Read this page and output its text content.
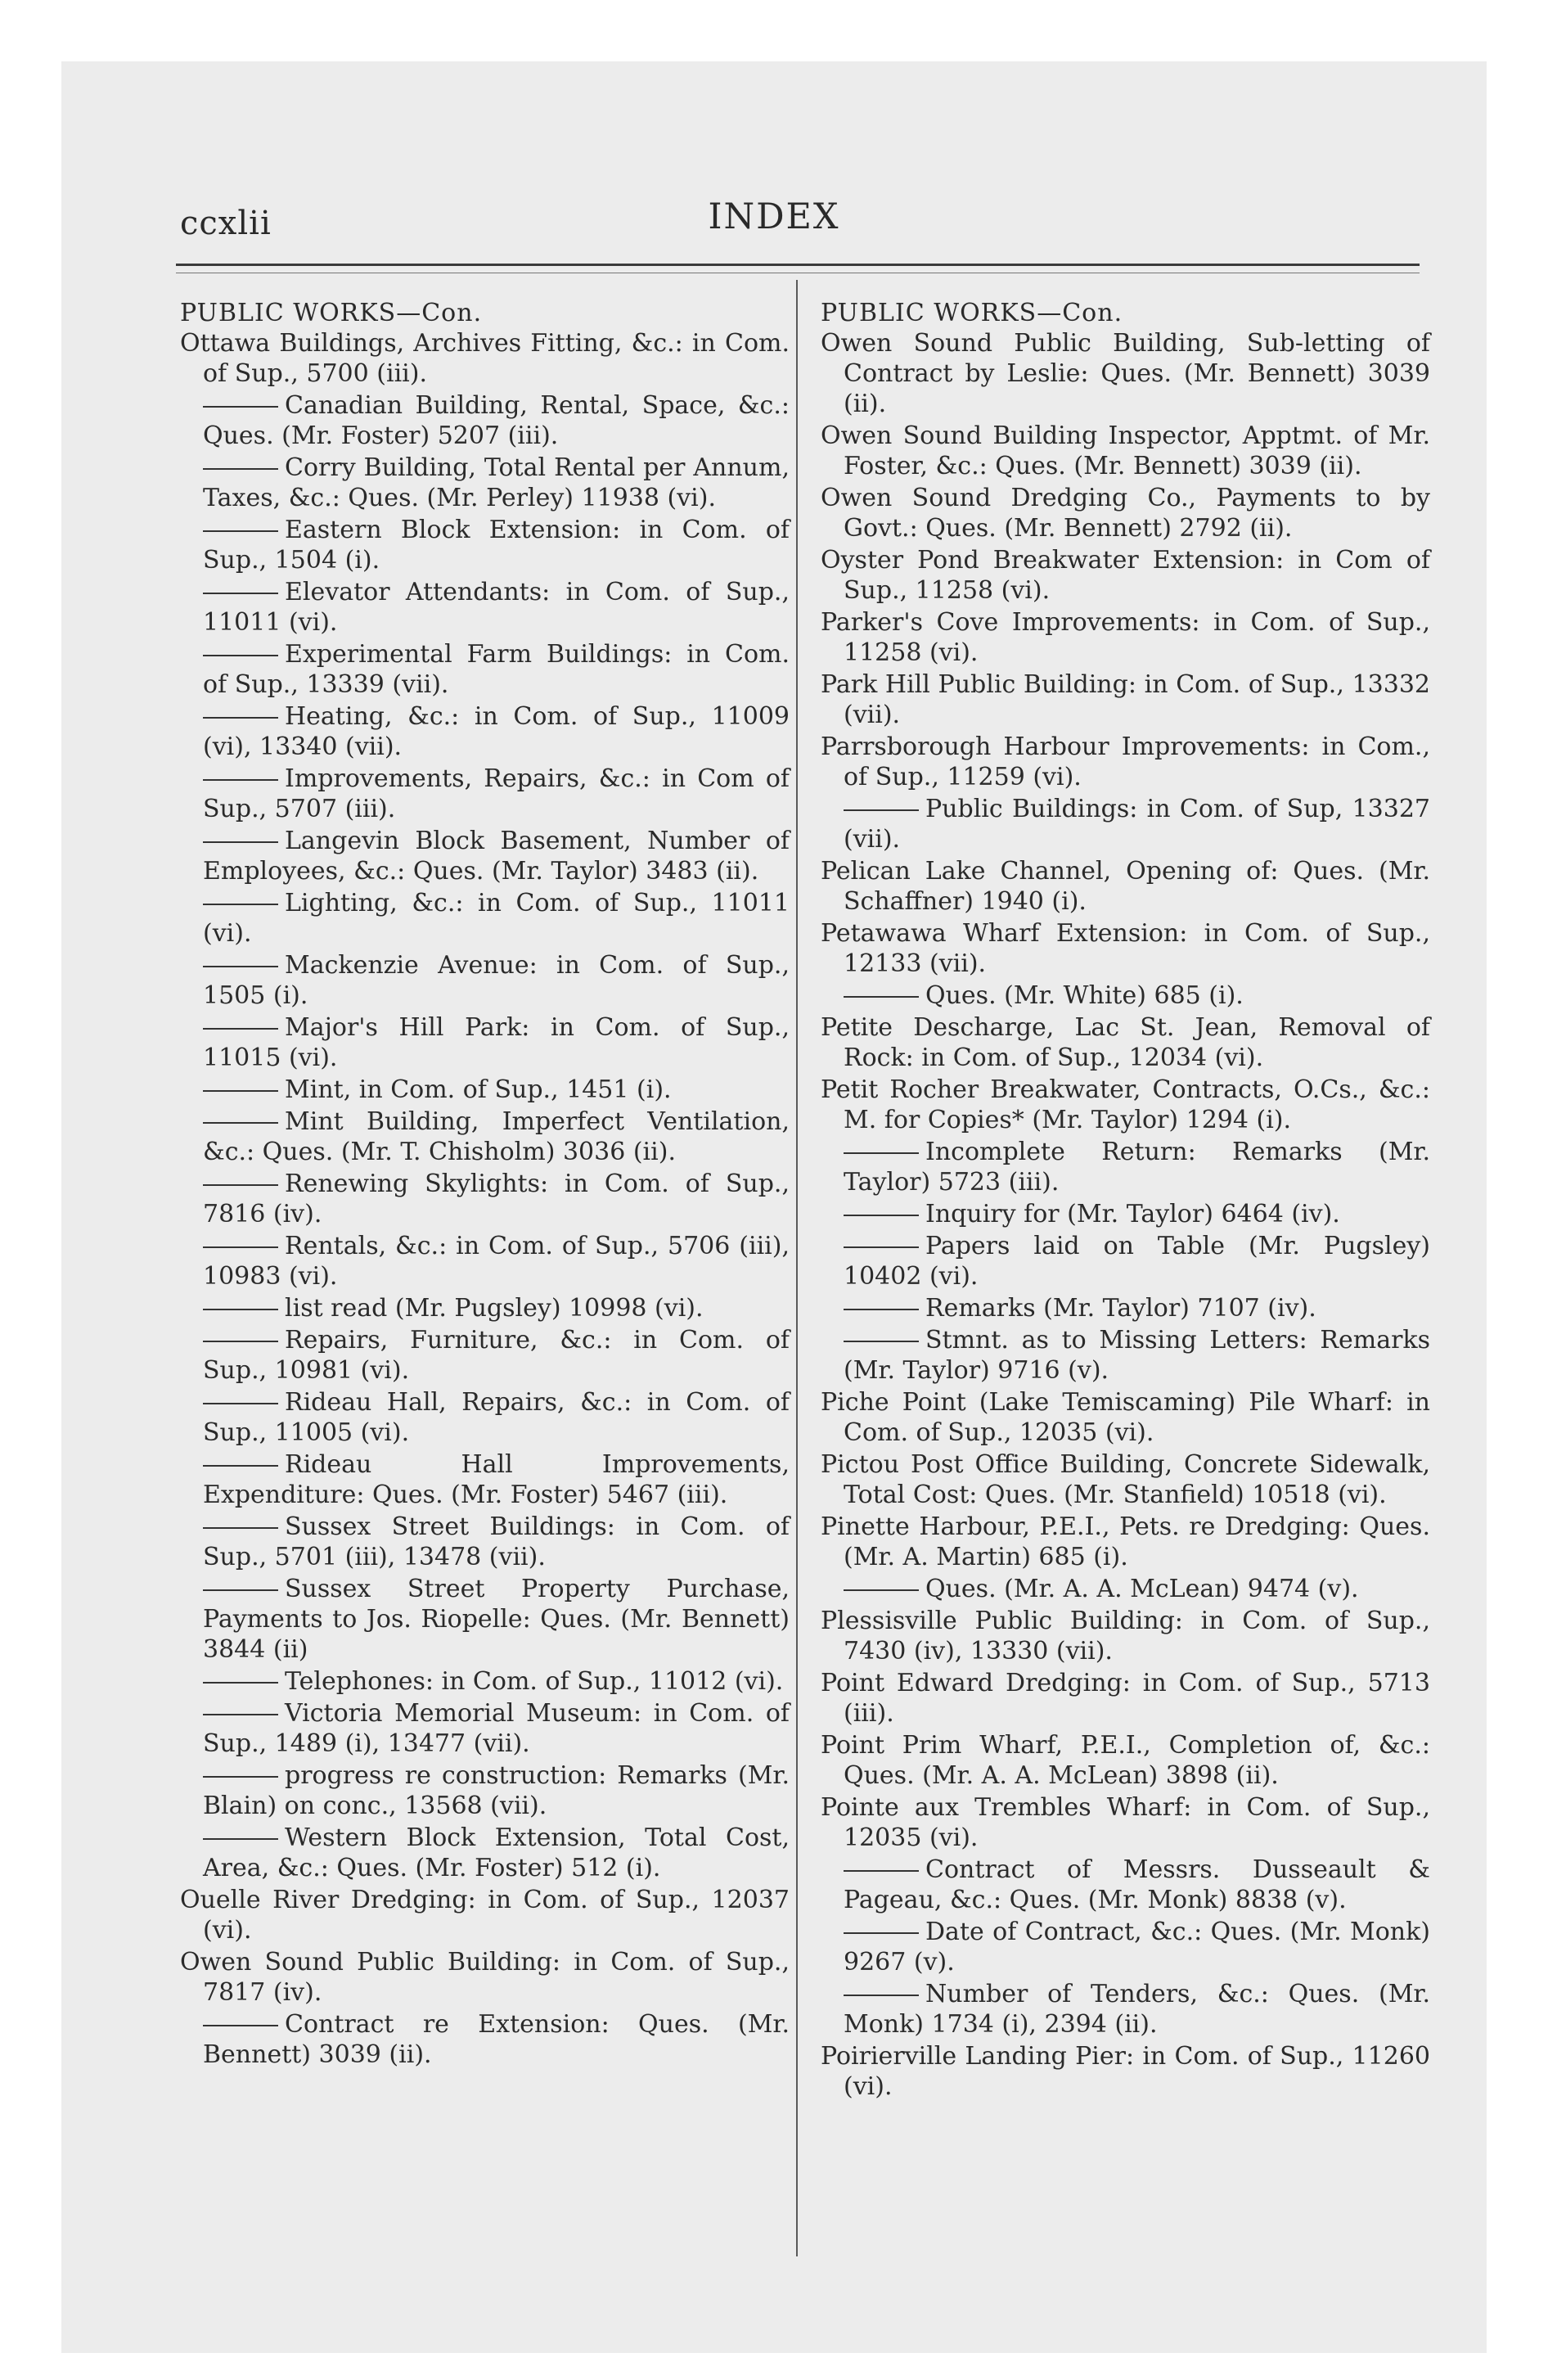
ccxlii	INDEX
PUBLIC WORKS—Con.

Ottawa Buildings, Archives Fitting, &c.: in Com. of Sup., 5700 (iii).

Canadian Building, Rental, Space, &c.: Ques. (Mr. Foster) 5207 (iii).

Corry Building, Total Rental per Annum, Taxes, &c.: Ques. (Mr. Perley) 11938 (vi).

Eastern Block Extension: in Com. of Sup., 1504 (i).

Elevator Attendants: in Com. of Sup., 11011 (vi).

Experimental Farm Buildings: in Com. of Sup., 13339 (vii).

Heating, &c.: in Com. of Sup., 11009 (vi), 13340 (vii).

Improvements, Repairs, &c.: in Com of Sup., 5707 (iii).

Langevin Block Basement, Number of Employees, &c.: Ques. (Mr. Taylor) 3483 (ii).

Lighting, &c.: in Com. of Sup., 11011 (vi).

Mackenzie Avenue: in Com. of Sup., 1505 (i).

Major's Hill Park: in Com. of Sup., 11015 (vi).

Mint, in Com. of Sup., 1451 (i).

Mint Building, Imperfect Ventilation, &c.: Ques. (Mr. T. Chisholm) 3036 (ii).

Renewing Skylights: in Com. of Sup., 7816 (iv).

Rentals, &c.: in Com. of Sup., 5706 (iii), 10983 (vi).

list read (Mr. Pugsley) 10998 (vi).

Repairs, Furniture, &c.: in Com. of Sup., 10981 (vi).

Rideau Hall, Repairs, &c.: in Com. of Sup., 11005 (vi).

Rideau Hall Improvements, Expenditure: Ques. (Mr. Foster) 5467 (iii).

Sussex Street Buildings: in Com. of Sup., 5701 (iii), 13478 (vii).

Sussex Street Property Purchase, Payments to Jos. Riopelle: Ques. (Mr. Bennett) 3844 (ii)

Telephones: in Com. of Sup., 11012 (vi).

Victoria Memorial Museum: in Com. of Sup., 1489 (i), 13477 (vii).

progress re construction: Remarks (Mr. Blain) on conc., 13568 (vii).

Western Block Extension, Total Cost, Area, &c.: Ques. (Mr. Foster) 512 (i).

Ouelle River Dredging: in Com. of Sup., 12037 (vi).

Owen Sound Public Building: in Com. of Sup., 7817 (iv).

Contract re Extension: Ques. (Mr. Bennett) 3039 (ii).

PUBLIC WORKS—Con.

Owen Sound Public Building, Sub-letting of Contract by Leslie: Ques. (Mr. Bennett) 3039 (ii).

Owen Sound Building Inspector, Apptmt. of Mr. Foster, &c.: Ques. (Mr. Bennett) 3039 (ii).

Owen Sound Dredging Co., Payments to by Govt.: Ques. (Mr. Bennett) 2792 (ii).

Oyster Pond Breakwater Extension: in Com of Sup., 11258 (vi).

Parker's Cove Improvements: in Com. of Sup., 11258 (vi).

Park Hill Public Building: in Com. of Sup., 13332 (vii).

Parrsborough Harbour Improvements: in Com., of Sup., 11259 (vi).

Public Buildings: in Com. of Sup, 13327 (vii).

Pelican Lake Channel, Opening of: Ques. (Mr. Schaffner) 1940 (i).

Petawawa Wharf Extension: in Com. of Sup., 12133 (vii).

Ques. (Mr. White) 685 (i).

Petite Descharge, Lac St. Jean, Removal of Rock: in Com. of Sup., 12034 (vi).

Petit Rocher Breakwater, Contracts, O.Cs., &c.: M. for Copies* (Mr. Taylor) 1294 (i).

Incomplete Return: Remarks (Mr. Taylor) 5723 (iii).

Inquiry for (Mr. Taylor) 6464 (iv).

Papers laid on Table (Mr. Pugsley) 10402 (vi).

Remarks (Mr. Taylor) 7107 (iv).

Stmnt. as to Missing Letters: Remarks (Mr. Taylor) 9716 (v).

Piche Point (Lake Temiscaming) Pile Wharf: in Com. of Sup., 12035 (vi).

Pictou Post Office Building, Concrete Sidewalk, Total Cost: Ques. (Mr. Stanfield) 10518 (vi).

Pinette Harbour, P.E.I., Pets. re Dredging: Ques. (Mr. A. Martin) 685 (i).

Ques. (Mr. A. A. McLean) 9474 (v).

Plessisville Public Building: in Com. of Sup., 7430 (iv), 13330 (vii).

Point Edward Dredging: in Com. of Sup., 5713 (iii).

Point Prim Wharf, P.E.I., Completion of, &c.: Ques. (Mr. A. A. McLean) 3898 (ii).

Pointe aux Trembles Wharf: in Com. of Sup., 12035 (vi).

Contract of Messrs. Dusseault & Pageau, &c.: Ques. (Mr. Monk) 8838 (v).

Date of Contract, &c.: Ques. (Mr. Monk) 9267 (v).

Number of Tenders, &c.: Ques. (Mr. Monk) 1734 (i), 2394 (ii).

Poirierville Landing Pier: in Com. of Sup., 11260 (vi).
